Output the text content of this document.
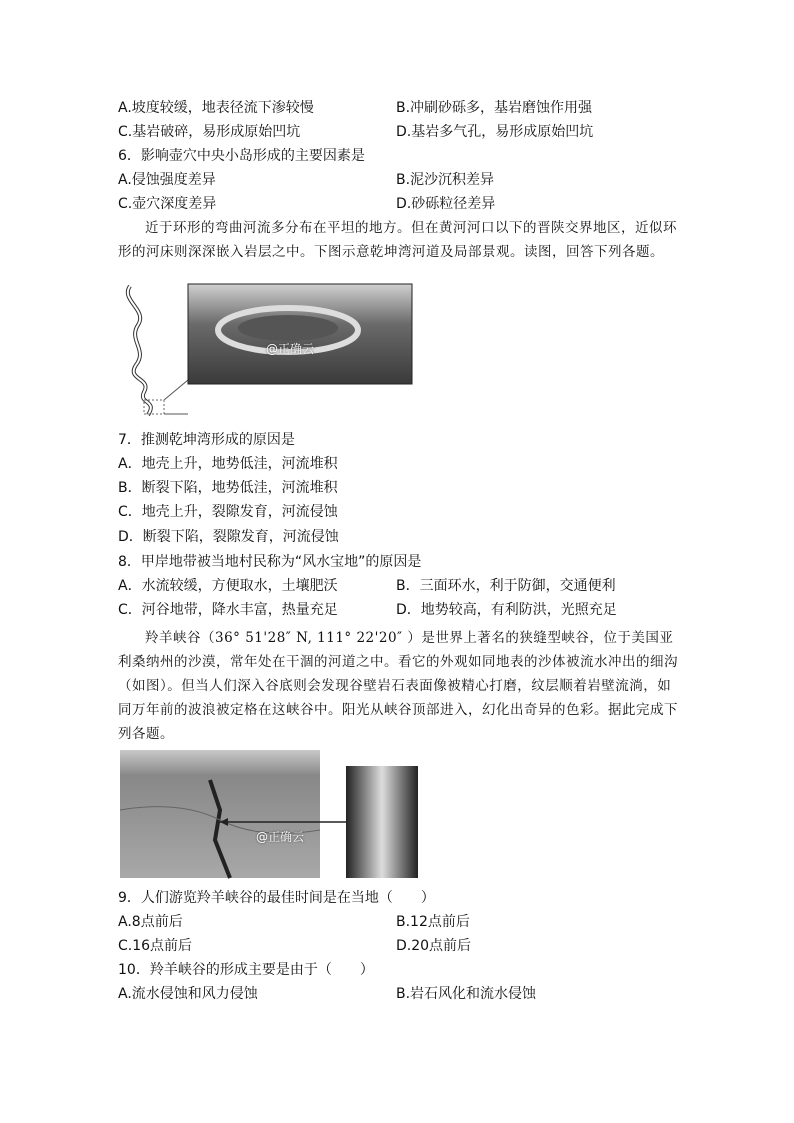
A.坡度较缓，地表径流下渗较慢	B.冲刷砂砾多，基岩磨蚀作用强
C.基岩破碎，易形成原始凹坑	D.基岩多气孔，易形成原始凹坑
6．影响壶穴中央小岛形成的主要因素是
A.侵蚀强度差异	B.泥沙沉积差异
C.壶穴深度差异	D.砂砾粒径差异
近于环形的弯曲河流多分布在平坦的地方。但在黄河河口以下的晋陕交界地区，近似环形的河床则深深嵌入岩层之中。下图示意乾坤湾河道及局部景观。读图，回答下列各题。
@正确云
7．推测乾坤湾形成的原因是
A．地壳上升，地势低洼，河流堆积
B．断裂下陷，地势低洼，河流堆积
C．地壳上升，裂隙发育，河流侵蚀
D．断裂下陷，裂隙发育，河流侵蚀
8．甲岸地带被当地村民称为“风水宝地”的原因是
A．水流较缓，方便取水，土壤肥沃	B．三面环水，利于防御，交通便利
C．河谷地带，降水丰富，热量充足	D．地势较高，有利防洪，光照充足
羚羊峡谷（36° 51'28″ N, 111° 22'20″ ）是世界上著名的狭缝型峡谷，位于美国亚利桑纳州的沙漠，常年处在干涸的河道之中。看它的外观如同地表的沙体被流水冲出的细沟（如图）。但当人们深入谷底则会发现谷壁岩石表面像被精心打磨，纹层顺着岩壁流淌，如同万年前的波浪被定格在这峡谷中。阳光从峡谷顶部进入，幻化出奇异的色彩。据此完成下列各题。
@正确云
9．人们游览羚羊峡谷的最佳时间是在当地（　　）
A.8点前后	B.12点前后
C.16点前后	D.20点前后
10．羚羊峡谷的形成主要是由于（　　）
A.流水侵蚀和风力侵蚀	B.岩石风化和流水侵蚀
